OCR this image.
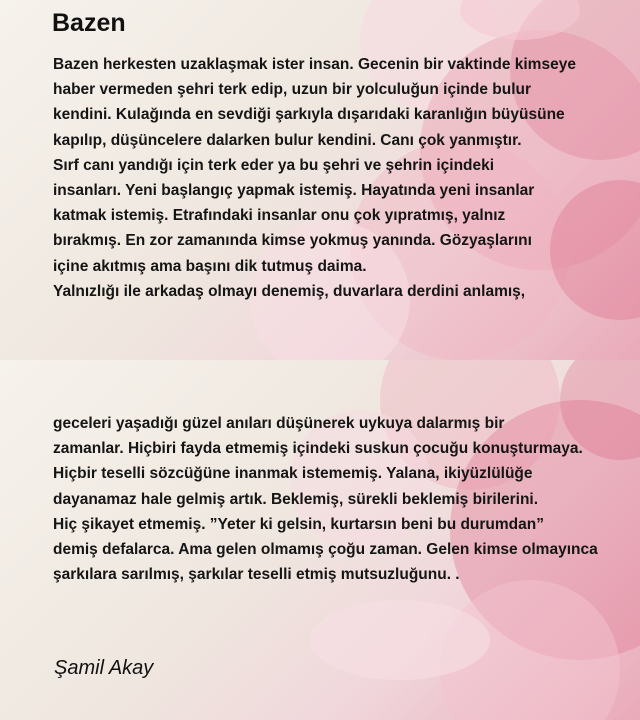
Bazen
Bazen herkesten uzaklaşmak ister insan. Gecenin bir vaktinde kimseye
haber vermeden şehri terk edip, uzun bir yolculuğun içinde bulur
kendini. Kulağında en sevdiği şarkıyla dışarıdaki karanlığın büyüsüne
kapılıp, düşüncelere dalarken bulur kendini. Canı çok yanmıştır.
Sırf canı yandığı için terk eder ya bu şehri ve şehrin içindeki
insanları. Yeni başlangıç yapmak istemiş. Hayatında yeni insanlar
katmak istemiş. Etrafındaki insanlar onu çok yıpratmış, yalnız
bırakmış. En zor zamanında kimse yokmuş yanında. Gözyaşlarını
içine akıtmış ama başını dik tutmuş daima.
Yalnızlığı ile arkadaş olmayı denemiş, duvarlara derdini anlamış,
geceleri yaşadığı güzel anıları düşünerek uykuya dalarmış bir
zamanlar. Hiçbiri fayda etmemiş içindeki suskun çocuğu konuşturmaya.
Hiçbir teselli sözcüğüne inanmak istememiş. Yalana, ikiyüzlülüğe
dayanamaz hale gelmiş artık. Beklemiş, sürekli beklemiş birilerini.
Hiç şikayet etmemiş. ”Yeter ki gelsin, kurtarsın beni bu durumdan”
demiş defalarca. Ama gelen olmamış çoğu zaman. Gelen kimse olmayınca
şarkılara sarılmış, şarkılar teselli etmiş mutsuzluğunu. .
Şamil Akay
